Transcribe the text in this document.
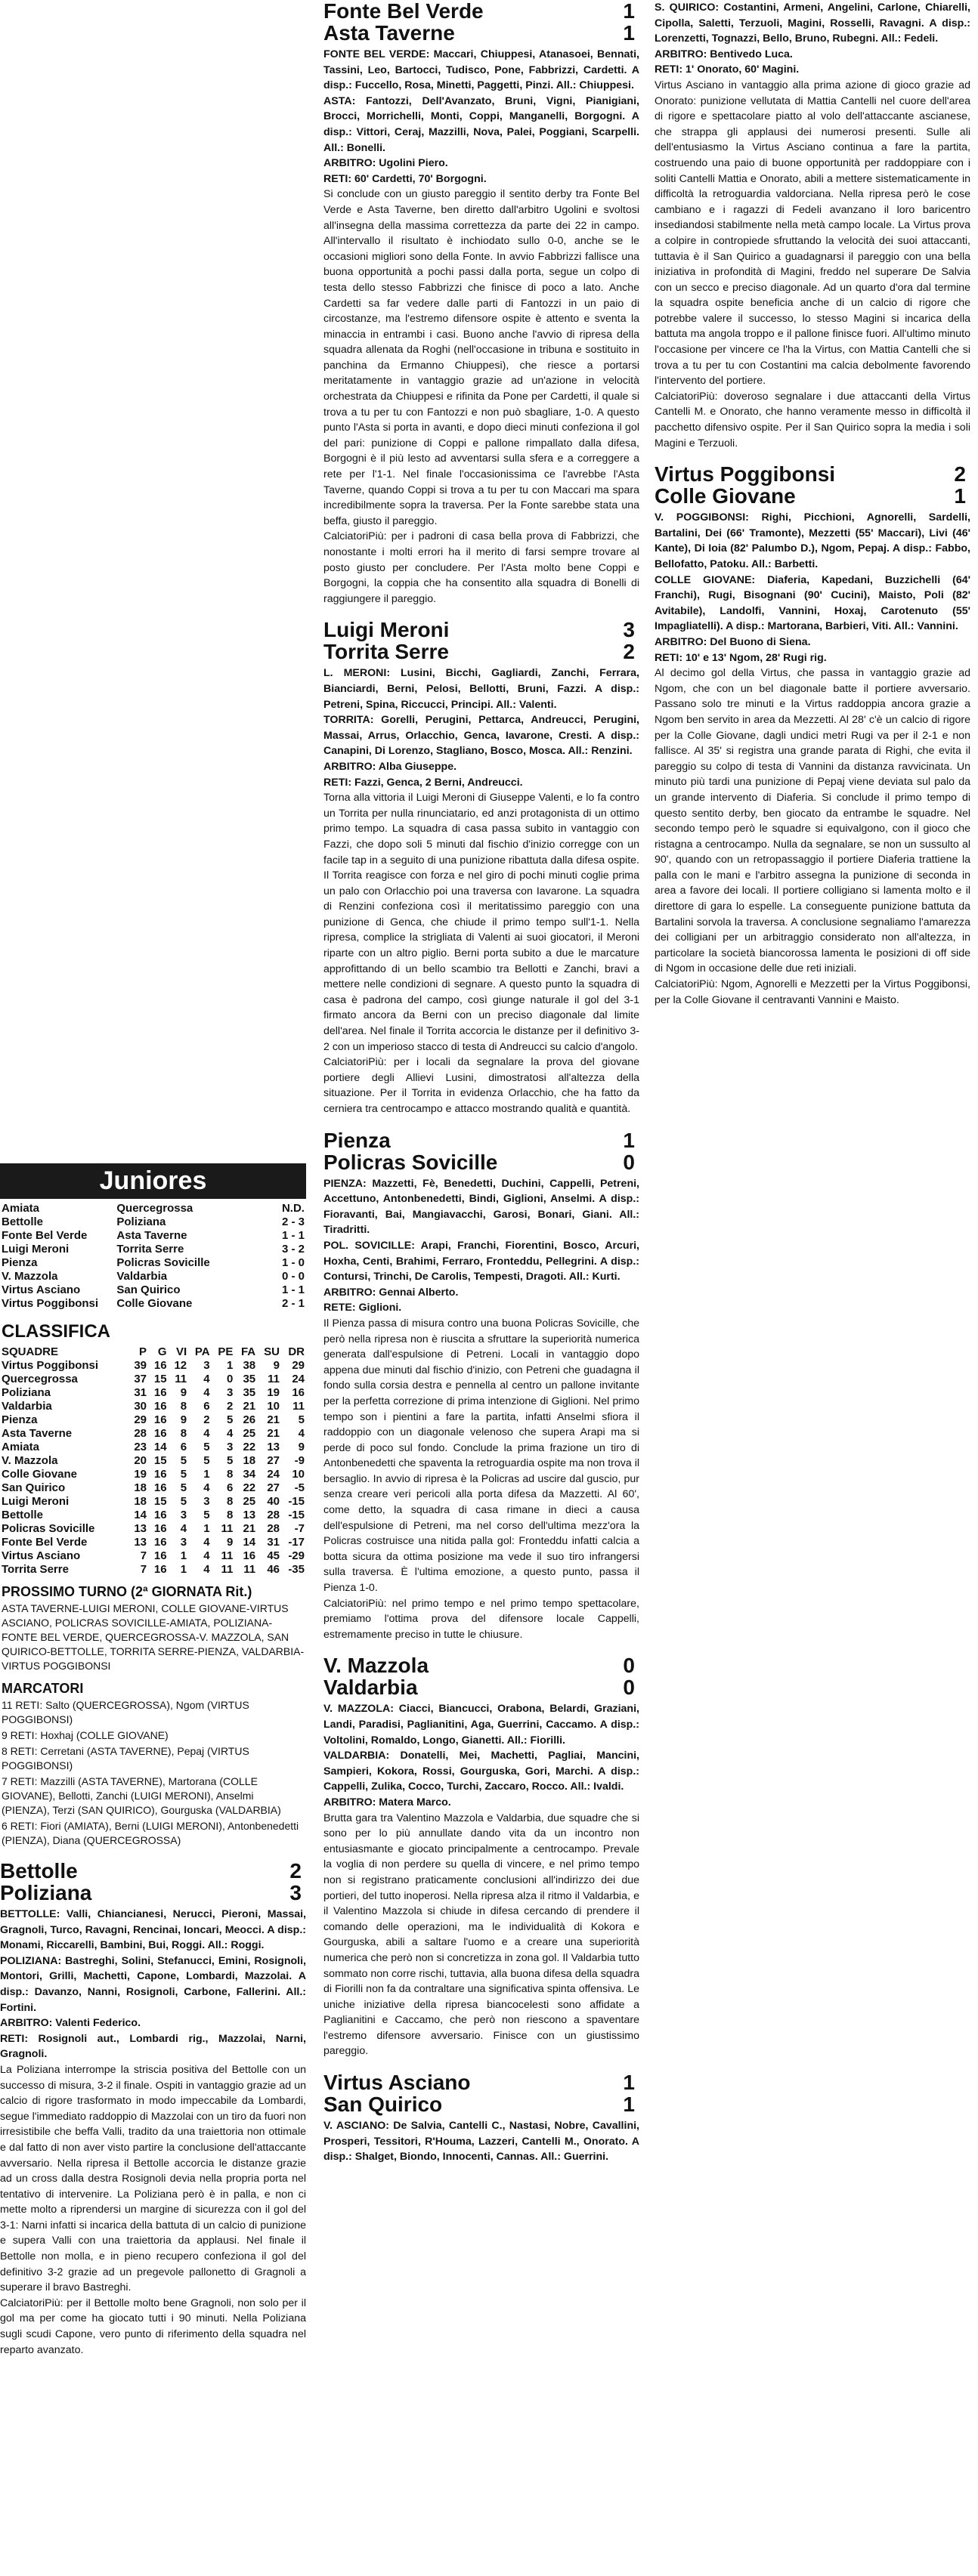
Juniores
Amiata	Quercegrossa	N.D.
Bettolle	Poliziana	2 - 3
Fonte Bel Verde	Asta Taverne	1 - 1
Luigi Meroni	Torrita Serre	3 - 2
Pienza	Policras Sovicille	1 - 0
V. Mazzola	Valdarbia	0 - 0
Virtus Asciano	San Quirico	1 - 1
Virtus Poggibonsi	Colle Giovane	2 - 1
CLASSIFICA
SQUADRE	P	G	VI	PA	PE	FA	SU	DR
Virtus Poggibonsi	39	16	12	3	1	38	9	29
Quercegrossa	37	15	11	4	0	35	11	24
Poliziana	31	16	9	4	3	35	19	16
Valdarbia	30	16	8	6	2	21	10	11
Pienza	29	16	9	2	5	26	21	5
Asta Taverne	28	16	8	4	4	25	21	4
Amiata	23	14	6	5	3	22	13	9
V. Mazzola	20	15	5	5	5	18	27	-9
Colle Giovane	19	16	5	1	8	34	24	10
San Quirico	18	16	5	4	6	22	27	-5
Luigi Meroni	18	15	5	3	8	25	40	-15
Bettolle	14	16	3	5	8	13	28	-15
Policras Sovicille	13	16	4	1	11	21	28	-7
Fonte Bel Verde	13	16	3	4	9	14	31	-17
Virtus Asciano	7	16	1	4	11	16	45	-29
Torrita Serre	7	16	1	4	11	11	46	-35
PROSSIMO TURNO (2ª GIORNATA Rit.)
ASTA TAVERNE-LUIGI MERONI, COLLE GIOVANE-VIRTUS ASCIANO, POLICRAS SOVICILLE-AMIATA, POLIZIANA-FONTE BEL VERDE, QUERCEGROSSA-V. MAZZOLA, SAN QUIRICO-BETTOLLE, TORRITA SERRE-PIENZA, VALDARBIA-VIRTUS POGGIBONSI
MARCATORI
11 RETI: Salto (QUERCEGROSSA), Ngom (VIRTUS POGGIBONSI)
9 RETI: Hoxhaj (COLLE GIOVANE)
8 RETI: Cerretani (ASTA TAVERNE), Pepaj (VIRTUS POGGIBONSI)
7 RETI: Mazzilli (ASTA TAVERNE), Martorana (COLLE GIOVANE), Bellotti, Zanchi (LUIGI MERONI), Anselmi (PIENZA), Terzi (SAN QUIRICO), Gourguska (VALDARBIA)
6 RETI: Fiori (AMIATA), Berni (LUIGI MERONI), Antonbenedetti (PIENZA), Diana (QUERCEGROSSA)
Bettolle	2
Poliziana	3

BETTOLLE: Valli, Chiancianesi, Nerucci, Pieroni, Massai, Gragnoli, Turco, Ravagni, Rencinai, Ioncari, Meocci. A disp.: Monami, Riccarelli, Bambini, Bui, Roggi. All.: Roggi.

POLIZIANA: Bastreghi, Solini, Stefanucci, Emini, Rosignoli, Montori, Grilli, Machetti, Capone, Lombardi, Mazzolai. A disp.: Davanzo, Nanni, Rosignoli, Carbone, Fallerini. All.: Fortini.

ARBITRO: Valenti Federico.

RETI: Rosignoli aut., Lombardi rig., Mazzolai, Narni, Gragnoli.

La Poliziana interrompe la striscia positiva del Bettolle con un successo di misura, 3-2 il finale. Ospiti in vantaggio grazie ad un calcio di rigore trasformato in modo impeccabile da Lombardi, segue l'immediato raddoppio di Mazzolai con un tiro da fuori non irresistibile che beffa Valli, tradito da una traiettoria non ottimale e dal fatto di non aver visto partire la conclusione dell'attaccante avversario. Nella ripresa il Bettolle accorcia le distanze grazie ad un cross dalla destra Rosignoli devia nella propria porta nel tentativo di intervenire. La Poliziana però è in palla, e non ci mette molto a riprendersi un margine di sicurezza con il gol del 3-1: Narni infatti si incarica della battuta di un calcio di punizione e supera Valli con una traiettoria da applausi. Nel finale il Bettolle non molla, e in pieno recupero confeziona il gol del definitivo 3-2 grazie ad un pregevole pallonetto di Gragnoli a superare il bravo Bastreghi.

CalciatoriPiù: per il Bettolle molto bene Gragnoli, non solo per il gol ma per come ha giocato tutti i 90 minuti. Nella Poliziana sugli scudi Capone, vero punto di riferimento della squadra nel reparto avanzato.

Fonte Bel Verde	1
Asta Taverne	1

FONTE BEL VERDE: Maccari, Chiuppesi, Atanasoei, Bennati, Tassini, Leo, Bartocci, Tudisco, Pone, Fabbrizzi, Cardetti. A disp.: Fuccello, Rosa, Minetti, Paggetti, Pinzi. All.: Chiuppesi.

ASTA: Fantozzi, Dell'Avanzato, Bruni, Vigni, Pianigiani, Brocci, Morrichelli, Monti, Coppi, Manganelli, Borgogni. A disp.: Vittori, Ceraj, Mazzilli, Nova, Palei, Poggiani, Scarpelli. All.: Bonelli.

ARBITRO: Ugolini Piero.

RETI: 60' Cardetti, 70' Borgogni.

Si conclude con un giusto pareggio il sentito derby tra Fonte Bel Verde e Asta Taverne, ben diretto dall'arbitro Ugolini e svoltosi all'insegna della massima correttezza da parte dei 22 in campo. All'intervallo il risultato è inchiodato sullo 0-0, anche se le occasioni migliori sono della Fonte. In avvio Fabbrizzi fallisce una buona opportunità a pochi passi dalla porta, segue un colpo di testa dello stesso Fabbrizzi che finisce di poco a lato. Anche Cardetti sa far vedere dalle parti di Fantozzi in un paio di circostanze, ma l'estremo difensore ospite è attento e sventa la minaccia in entrambi i casi. Buono anche l'avvio di ripresa della squadra allenata da Roghi (nell'occasione in tribuna e sostituito in panchina da Ermanno Chiuppesi), che riesce a portarsi meritatamente in vantaggio grazie ad un'azione in velocità orchestrata da Chiuppesi e rifinita da Pone per Cardetti, il quale si trova a tu per tu con Fantozzi e non può sbagliare, 1-0. A questo punto l'Asta si porta in avanti, e dopo dieci minuti confeziona il gol del pari: punizione di Coppi e pallone rimpallato dalla difesa, Borgogni è il più lesto ad avventarsi sulla sfera e a correggere a rete per l'1-1. Nel finale l'occasionissima ce l'avrebbe l'Asta Taverne, quando Coppi si trova a tu per tu con Maccari ma spara incredibilmente sopra la traversa. Per la Fonte sarebbe stata una beffa, giusto il pareggio.

CalciatoriPiù: per i padroni di casa bella prova di Fabbrizzi, che nonostante i molti errori ha il merito di farsi sempre trovare al posto giusto per concludere. Per l'Asta molto bene Coppi e Borgogni, la coppia che ha consentito alla squadra di Bonelli di raggiungere il pareggio.

Luigi Meroni	3
Torrita Serre	2

L. MERONI: Lusini, Bicchi, Gagliardi, Zanchi, Ferrara, Bianciardi, Berni, Pelosi, Bellotti, Bruni, Fazzi. A disp.: Petreni, Spina, Riccucci, Principi. All.: Valenti.

TORRITA: Gorelli, Perugini, Pettarca, Andreucci, Perugini, Massai, Arrus, Orlacchio, Genca, Iavarone, Cresti. A disp.: Canapini, Di Lorenzo, Stagliano, Bosco, Mosca. All.: Renzini.

ARBITRO: Alba Giuseppe.

RETI: Fazzi, Genca, 2 Berni, Andreucci.

Torna alla vittoria il Luigi Meroni di Giuseppe Valenti, e lo fa contro un Torrita per nulla rinunciatario, ed anzi protagonista di un ottimo primo tempo. La squadra di casa passa subito in vantaggio con Fazzi, che dopo soli 5 minuti dal fischio d'inizio corregge con un facile tap in a seguito di una punizione ribattuta dalla difesa ospite. Il Torrita reagisce con forza e nel giro di pochi minuti coglie prima un palo con Orlacchio poi una traversa con Iavarone. La squadra di Renzini confeziona così il meritatissimo pareggio con una punizione di Genca, che chiude il primo tempo sull'1-1. Nella ripresa, complice la strigliata di Valenti ai suoi giocatori, il Meroni riparte con un altro piglio. Berni porta subito a due le marcature approfittando di un bello scambio tra Bellotti e Zanchi, bravi a mettere nelle condizioni di segnare. A questo punto la squadra di casa è padrona del campo, così giunge naturale il gol del 3-1 firmato ancora da Berni con un preciso diagonale dal limite dell'area. Nel finale il Torrita accorcia le distanze per il definitivo 3-2 con un imperioso stacco di testa di Andreucci su calcio d'angolo.

CalciatoriPiù: per i locali da segnalare la prova del giovane portiere degli Allievi Lusini, dimostratosi all'altezza della situazione. Per il Torrita in evidenza Orlacchio, che ha fatto da cerniera tra centrocampo e attacco mostrando qualità e quantità.

Pienza	1
Policras Sovicille	0

PIENZA: Mazzetti, Fè, Benedetti, Duchini, Cappelli, Petreni, Accettuno, Antonbenedetti, Bindi, Giglioni, Anselmi. A disp.: Fioravanti, Bai, Mangiavacchi, Garosi, Bonari, Giani. All.: Tiradritti.

POL. SOVICILLE: Arapi, Franchi, Fiorentini, Bosco, Arcuri, Hoxha, Centi, Brahimi, Ferraro, Fronteddu, Pellegrini. A disp.: Contursi, Trinchi, De Carolis, Tempesti, Dragoti. All.: Kurti.

ARBITRO: Gennai Alberto.

RETE: Giglioni.

Il Pienza passa di misura contro una buona Policras Sovicille, che però nella ripresa non è riuscita a sfruttare la superiorità numerica generata dall'espulsione di Petreni. Locali in vantaggio dopo appena due minuti dal fischio d'inizio, con Petreni che guadagna il fondo sulla corsia destra e pennella al centro un pallone invitante per la perfetta correzione di prima intenzione di Giglioni. Nel primo tempo son i pientini a fare la partita, infatti Anselmi sfiora il raddoppio con un diagonale velenoso che supera Arapi ma si perde di poco sul fondo. Conclude la prima frazione un tiro di Antonbenedetti che spaventa la retroguardia ospite ma non trova il bersaglio. In avvio di ripresa è la Policras ad uscire dal guscio, pur senza creare veri pericoli alla porta difesa da Mazzetti. Al 60', come detto, la squadra di casa rimane in dieci a causa dell'espulsione di Petreni, ma nel corso dell'ultima mezz'ora la Policras costruisce una nitida palla gol: Fronteddu infatti calcia a botta sicura da ottima posizione ma vede il suo tiro infrangersi sulla traversa. È l'ultima emozione, a questo punto, passa il Pienza 1-0.

CalciatoriPiù: nel primo tempo e nel primo tempo spettacolare, premiamo l'ottima prova del difensore locale Cappelli, estremamente preciso in tutte le chiusure.

V. Mazzola	0
Valdarbia	0

V. MAZZOLA: Ciacci, Biancucci, Orabona, Belardi, Graziani, Landi, Paradisi, Paglianitini, Aga, Guerrini, Caccamo. A disp.: Voltolini, Romaldo, Longo, Gianetti. All.: Fiorilli.

VALDARBIA: Donatelli, Mei, Machetti, Pagliai, Mancini, Sampieri, Kokora, Rossi, Gourguska, Gori, Marchi. A disp.: Cappelli, Zulika, Cocco, Turchi, Zaccaro, Rocco. All.: Ivaldi.

ARBITRO: Matera Marco.

Brutta gara tra Valentino Mazzola e Valdarbia, due squadre che si sono per lo più annullate dando vita da un incontro non entusiasmante e giocato principalmente a centrocampo. Prevale la voglia di non perdere su quella di vincere, e nel primo tempo non si registrano praticamente conclusioni all'indirizzo dei due portieri, del tutto inoperosi. Nella ripresa alza il ritmo il Valdarbia, e il Valentino Mazzola si chiude in difesa cercando di prendere il comando delle operazioni, ma le individualità di Kokora e Gourguska, abili a saltare l'uomo e a creare una superiorità numerica che però non si concretizza in zona gol. Il Valdarbia tutto sommato non corre rischi, tuttavia, alla buona difesa della squadra di Fiorilli non fa da contraltare una significativa spinta offensiva. Le uniche iniziative della ripresa biancocelesti sono affidate a Paglianitini e Caccamo, che però non riescono a spaventare l'estremo difensore avversario. Finisce con un giustissimo pareggio.

Virtus Asciano	1
San Quirico	1

V. ASCIANO: De Salvia, Cantelli C., Nastasi, Nobre, Cavallini, Prosperi, Tessitori, R'Houma, Lazzeri, Cantelli M., Onorato. A disp.: Shalget, Biondo, Innocenti, Cannas. All.: Guerrini.

S. QUIRICO: Costantini, Armeni, Angelini, Carlone, Chiarelli, Cipolla, Saletti, Terzuoli, Magini, Rosselli, Ravagni. A disp.: Lorenzetti, Tognazzi, Bello, Bruno, Rubegni. All.: Fedeli.

ARBITRO: Bentivedo Luca.

RETI: 1' Onorato, 60' Magini.

Virtus Asciano in vantaggio alla prima azione di gioco grazie ad Onorato: punizione vellutata di Mattia Cantelli nel cuore dell'area di rigore e spettacolare piatto al volo dell'attaccante ascianese, che strappa gli applausi dei numerosi presenti. Sulle ali dell'entusiasmo la Virtus Asciano continua a fare la partita, costruendo una paio di buone opportunità per raddoppiare con i soliti Cantelli Mattia e Onorato, abili a mettere sistematicamente in difficoltà la retroguardia valdorciana. Nella ripresa però le cose cambiano e i ragazzi di Fedeli avanzano il loro baricentro insediandosi stabilmente nella metà campo locale. La Virtus prova a colpire in contropiede sfruttando la velocità dei suoi attaccanti, tuttavia è il San Quirico a guadagnarsi il pareggio con una bella iniziativa in profondità di Magini, freddo nel superare De Salvia con un secco e preciso diagonale. Ad un quarto d'ora dal termine la squadra ospite beneficia anche di un calcio di rigore che potrebbe valere il successo, lo stesso Magini si incarica della battuta ma angola troppo e il pallone finisce fuori. All'ultimo minuto l'occasione per vincere ce l'ha la Virtus, con Mattia Cantelli che si trova a tu per tu con Costantini ma calcia debolmente favorendo l'intervento del portiere.

CalciatoriPiù: doveroso segnalare i due attaccanti della Virtus Cantelli M. e Onorato, che hanno veramente messo in difficoltà il pacchetto difensivo ospite. Per il San Quirico sopra la media i soli Magini e Terzuoli.

Virtus Poggibonsi	2
Colle Giovane	1

V. POGGIBONSI: Righi, Picchioni, Agnorelli, Sardelli, Bartalini, Dei (66' Tramonte), Mezzetti (55' Maccari), Livi (46' Kante), Di Ioia (82' Palumbo D.), Ngom, Pepaj. A disp.: Fabbo, Bellofatto, Patoku. All.: Barbetti.

COLLE GIOVANE: Diaferia, Kapedani, Buzzichelli (64' Franchi), Rugi, Bisognani (90' Cucini), Maisto, Poli (82' Avitabile), Landolfi, Vannini, Hoxaj, Carotenuto (55' Impagliatelli). A disp.: Martorana, Barbieri, Viti. All.: Vannini.

ARBITRO: Del Buono di Siena.

RETI: 10' e 13' Ngom, 28' Rugi rig.

Al decimo gol della Virtus, che passa in vantaggio grazie ad Ngom, che con un bel diagonale batte il portiere avversario. Passano solo tre minuti e la Virtus raddoppia ancora grazie a Ngom ben servito in area da Mezzetti. Al 28' c'è un calcio di rigore per la Colle Giovane, dagli undici metri Rugi va per il 2-1 e non fallisce. Al 35' si registra una grande parata di Righi, che evita il pareggio su colpo di testa di Vannini da distanza ravvicinata. Un minuto più tardi una punizione di Pepaj viene deviata sul palo da un grande intervento di Diaferia. Si conclude il primo tempo di questo sentito derby, ben giocato da entrambe le squadre. Nel secondo tempo però le squadre si equivalgono, con il gioco che ristagna a centrocampo. Nulla da segnalare, se non un sussulto al 90', quando con un retropassaggio il portiere Diaferia trattiene la palla con le mani e l'arbitro assegna la punizione di seconda in area a favore dei locali. Il portiere colligiano si lamenta molto e il direttore di gara lo espelle. La conseguente punizione battuta da Bartalini sorvola la traversa. A conclusione segnaliamo l'amarezza dei colligiani per un arbitraggio considerato non all'altezza, in particolare la società biancorossa lamenta le posizioni di off side di Ngom in occasione delle due reti iniziali.

CalciatoriPiù: Ngom, Agnorelli e Mezzetti per la Virtus Poggibonsi, per la Colle Giovane il centravanti Vannini e Maisto.
